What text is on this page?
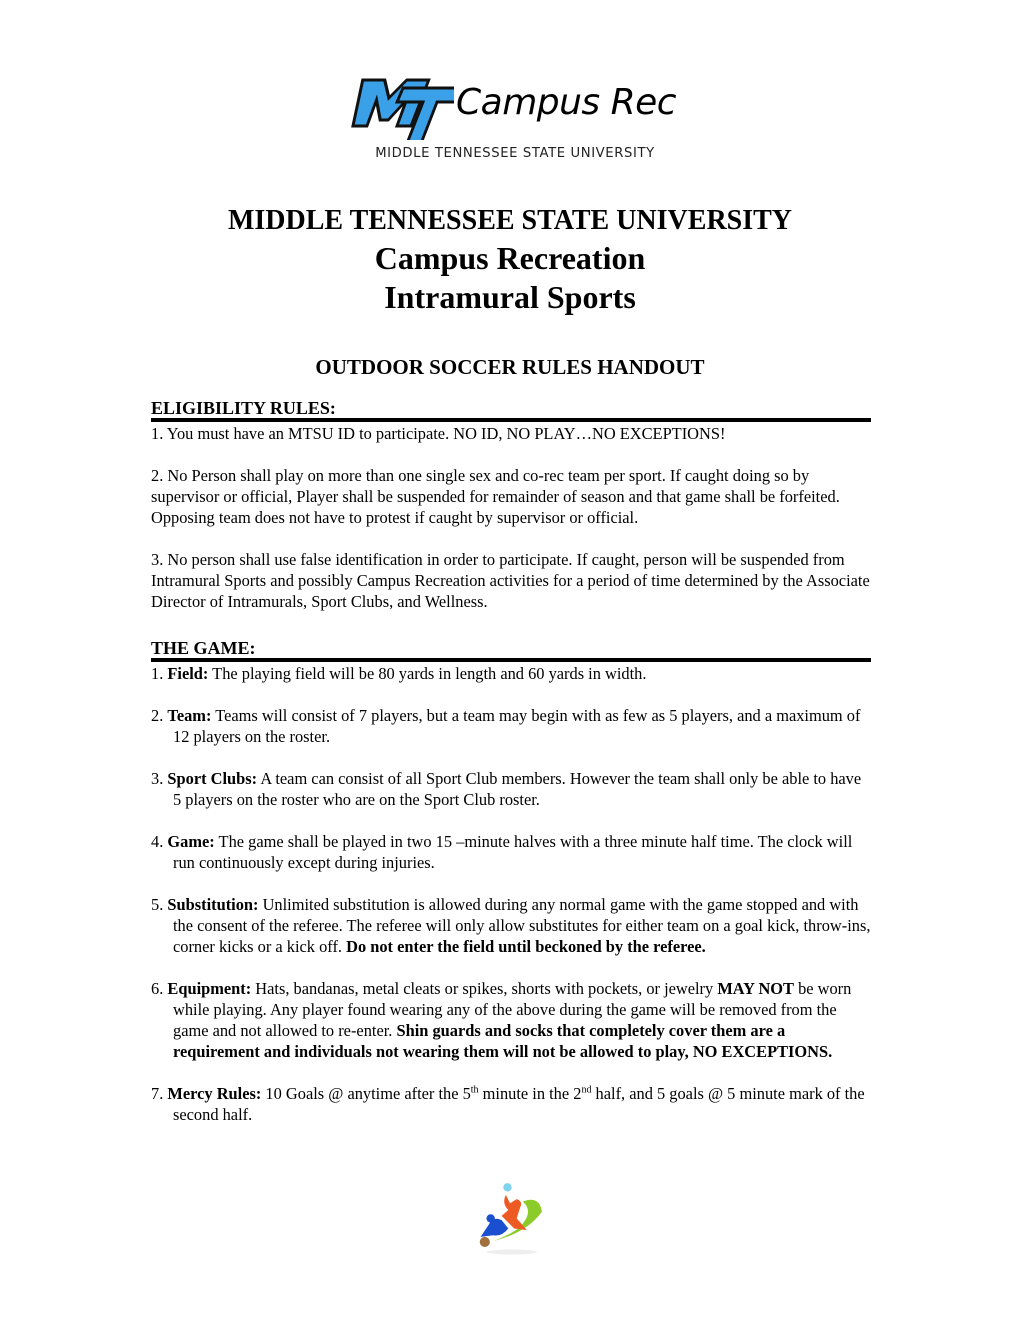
Campus Rec
MIDDLE TENNESSEE STATE UNIVERSITY
MIDDLE TENNESSEE STATE UNIVERSITY
Campus Recreation
Intramural Sports
OUTDOOR SOCCER RULES HANDOUT
ELIGIBILITY RULES:

1. You must have an MTSU ID to participate. NO ID, NO PLAY…NO EXCEPTIONS!

2. No Person shall play on more than one single sex and co-rec team per sport. If caught doing so by supervisor or official, Player shall be suspended for remainder of season and that game shall be forfeited. Opposing team does not have to protest if caught by supervisor or official.

3. No person shall use false identification in order to participate. If caught, person will be suspended from Intramural Sports and possibly Campus Recreation activities for a period of time determined by the Associate Director of Intramurals, Sport Clubs, and Wellness.

THE GAME:

1. Field: The playing field will be 80 yards in length and 60 yards in width.

2. Team: Teams will consist of 7 players, but a team may begin with as few as 5 players, and a maximum of 12 players on the roster.

3. Sport Clubs: A team can consist of all Sport Club members. However the team shall only be able to have 5 players on the roster who are on the Sport Club roster.

4. Game: The game shall be played in two 15 –minute halves with a three minute half time. The clock will run continuously except during injuries.

5. Substitution: Unlimited substitution is allowed during any normal game with the game stopped and with the consent of the referee. The referee will only allow substitutes for either team on a goal kick, throw-ins, corner kicks or a kick off. Do not enter the field until beckoned by the referee.

6. Equipment: Hats, bandanas, metal cleats or spikes, shorts with pockets, or jewelry MAY NOT be worn while playing. Any player found wearing any of the above during the game will be removed from the game and not allowed to re-enter. Shin guards and socks that completely cover them are a requirement and individuals not wearing them will not be allowed to play, NO EXCEPTIONS.

7. Mercy Rules: 10 Goals @ anytime after the 5th minute in the 2nd half, and 5 goals @ 5 minute mark of the second half.
